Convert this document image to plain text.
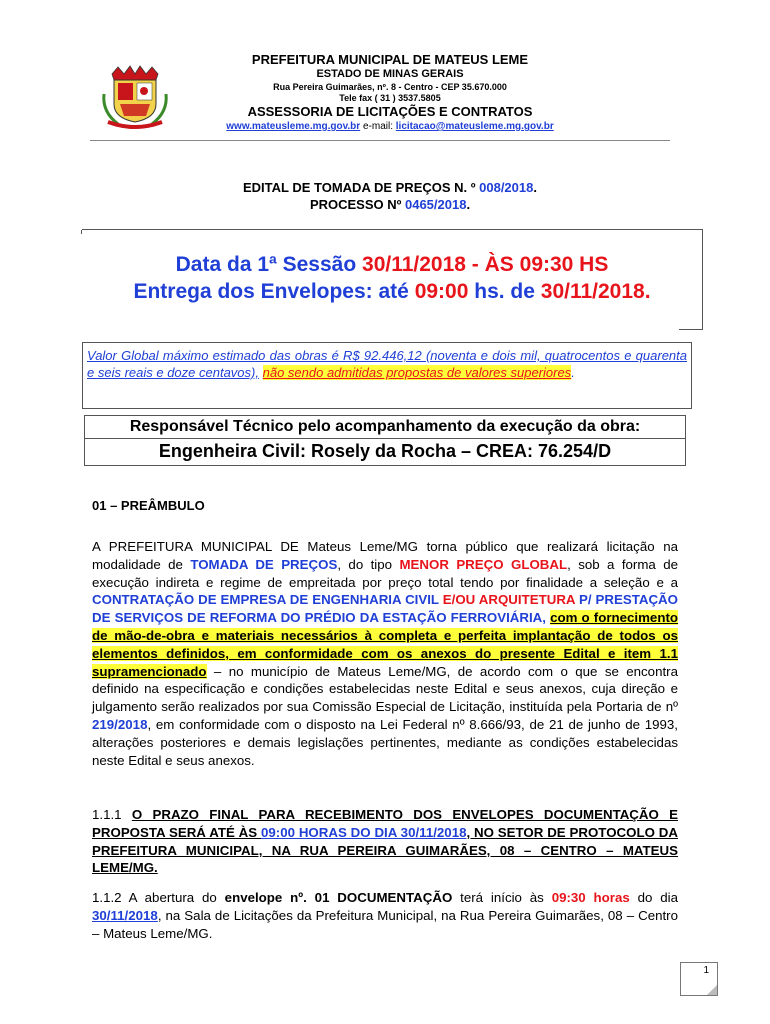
PREFEITURA MUNICIPAL DE MATEUS LEME
ESTADO DE MINAS GERAIS
Rua Pereira Guimarães, nº. 8 - Centro - CEP 35.670.000
Tele fax ( 31 ) 3537.5805
ASSESSORIA DE LICITAÇÕES E CONTRATOS
www.mateusleme.mg.gov.br e-mail: licitacao@mateusleme.mg.gov.br
EDITAL DE TOMADA DE PREÇOS N. º 008/2018.
PROCESSO Nº 0465/2018.
Data da 1ª Sessão 30/11/2018 - ÀS 09:30 HS
Entrega dos Envelopes: até 09:00 hs. de 30/11/2018.
Valor Global máximo estimado das obras é R$ 92.446,12 (noventa e dois mil, quatrocentos e quarenta e seis reais e doze centavos), não sendo admitidas propostas de valores superiores.
Responsável Técnico pelo acompanhamento da execução da obra:
Engenheira Civil: Rosely da Rocha – CREA: 76.254/D
01 – PREÂMBULO
A PREFEITURA MUNICIPAL DE Mateus Leme/MG torna público que realizará licitação na modalidade de TOMADA DE PREÇOS, do tipo MENOR PREÇO GLOBAL, sob a forma de execução indireta e regime de empreitada por preço total tendo por finalidade a seleção e a CONTRATAÇÃO DE EMPRESA DE ENGENHARIA CIVIL E/OU ARQUITETURA P/ PRESTAÇÃO DE SERVIÇOS DE REFORMA DO PRÉDIO DA ESTAÇÃO FERROVIÁRIA, com o fornecimento de mão-de-obra e materiais necessários à completa e perfeita implantação de todos os elementos definidos, em conformidade com os anexos do presente Edital e item 1.1 supramencionado – no município de Mateus Leme/MG, de acordo com o que se encontra definido na especificação e condições estabelecidas neste Edital e seus anexos, cuja direção e julgamento serão realizados por sua Comissão Especial de Licitação, instituída pela Portaria de nº 219/2018, em conformidade com o disposto na Lei Federal nº 8.666/93, de 21 de junho de 1993, alterações posteriores e demais legislações pertinentes, mediante as condições estabelecidas neste Edital e seus anexos.
1.1.1 O PRAZO FINAL PARA RECEBIMENTO DOS ENVELOPES DOCUMENTAÇÃO E PROPOSTA SERÁ ATÉ ÀS 09:00 HORAS DO DIA 30/11/2018, NO SETOR DE PROTOCOLO DA PREFEITURA MUNICIPAL, NA RUA PEREIRA GUIMARÃES, 08 – CENTRO – MATEUS LEME/MG.
1.1.2 A abertura do envelope nº. 01 DOCUMENTAÇÃO terá início às 09:30 horas do dia 30/11/2018, na Sala de Licitações da Prefeitura Municipal, na Rua Pereira Guimarães, 08 – Centro – Mateus Leme/MG.
1
